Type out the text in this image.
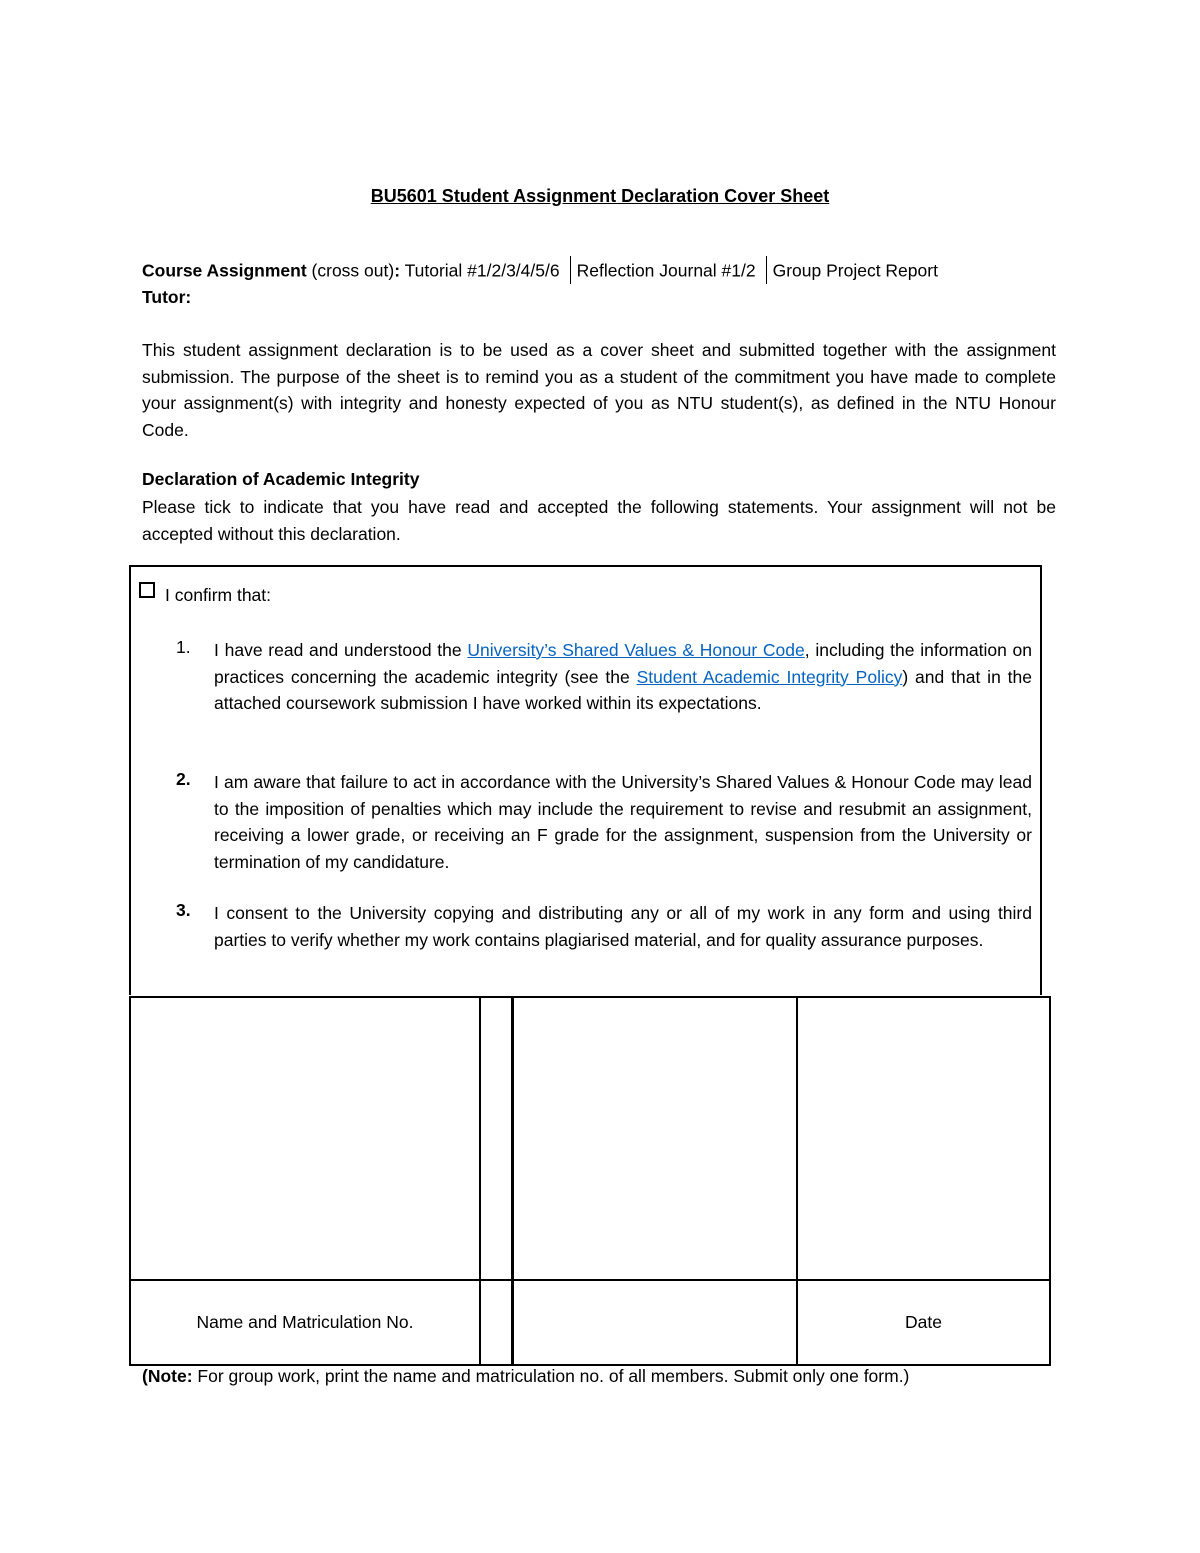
BU5601 Student Assignment Declaration Cover Sheet
Course Assignment (cross out): Tutorial #1/2/3/4/5/6 Reflection Journal #1/2 Group Project Report
Tutor:

This student assignment declaration is to be used as a cover sheet and submitted together with the assignment submission. The purpose of the sheet is to remind you as a student of the commitment you have made to complete your assignment(s) with integrity and honesty expected of you as NTU student(s), as defined in the NTU Honour Code.

Declaration of Academic Integrity

Please tick to indicate that you have read and accepted the following statements. Your assignment will not be accepted without this declaration.

I confirm that:
1. I have read and understood the University’s Shared Values & Honour Code, including the information on practices concerning the academic integrity (see the Student Academic Integrity Policy) and that in the attached coursework submission I have worked within its expectations.

2. I am aware that failure to act in accordance with the University’s Shared Values & Honour Code may lead to the imposition of penalties which may include the requirement to revise and resubmit an assignment, receiving a lower grade, or receiving an F grade for the assignment, suspension from the University or termination of my candidature.

3. I consent to the University copying and distributing any or all of my work in any form and using third parties to verify whether my work contains plagiarised material, and for quality assurance purposes.

Name and Matriculation No.			Date
(Note: For group work, print the name and matriculation no. of all members. Submit only one form.)
